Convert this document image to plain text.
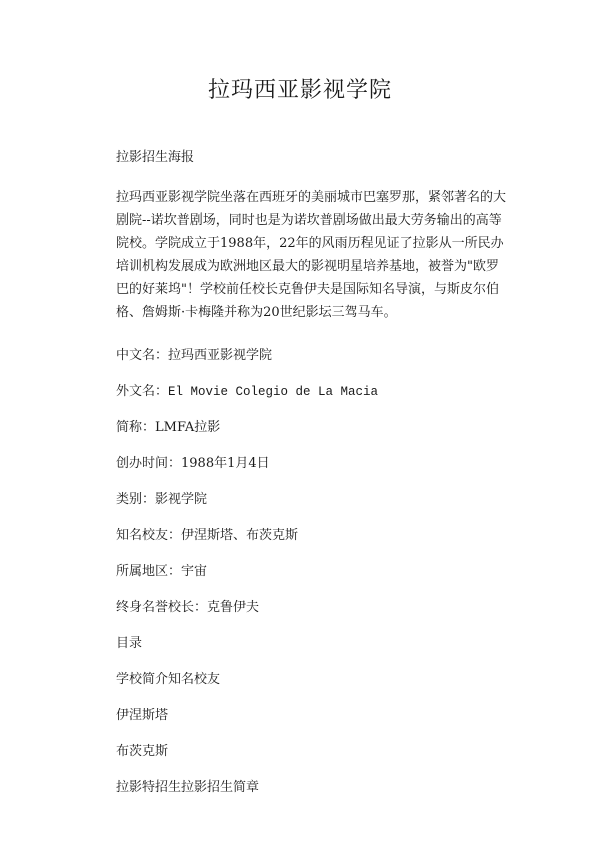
拉玛西亚影视学院

拉影招生海报

拉玛西亚影视学院坐落在西班牙的美丽城市巴塞罗那，紧邻著名的大剧院--诺坎普剧场，同时也是为诺坎普剧场做出最大劳务输出的高等院校。学院成立于1988年，22年的风雨历程见证了拉影从一所民办培训机构发展成为欧洲地区最大的影视明星培养基地，被誉为"欧罗巴的好莱坞"！学校前任校长克鲁伊夫是国际知名导演，与斯皮尔伯格、詹姆斯·卡梅隆并称为20世纪影坛三驾马车。

中文名：拉玛西亚影视学院
外文名：El Movie Colegio de La Macia
简称：LMFA拉影
创办时间：1988年1月4日
类别：影视学院
知名校友：伊涅斯塔、布茨克斯
所属地区：宇宙
终身名誉校长：克鲁伊夫
目录
学校简介知名校友
伊涅斯塔
布茨克斯
拉影特招生拉影招生简章
